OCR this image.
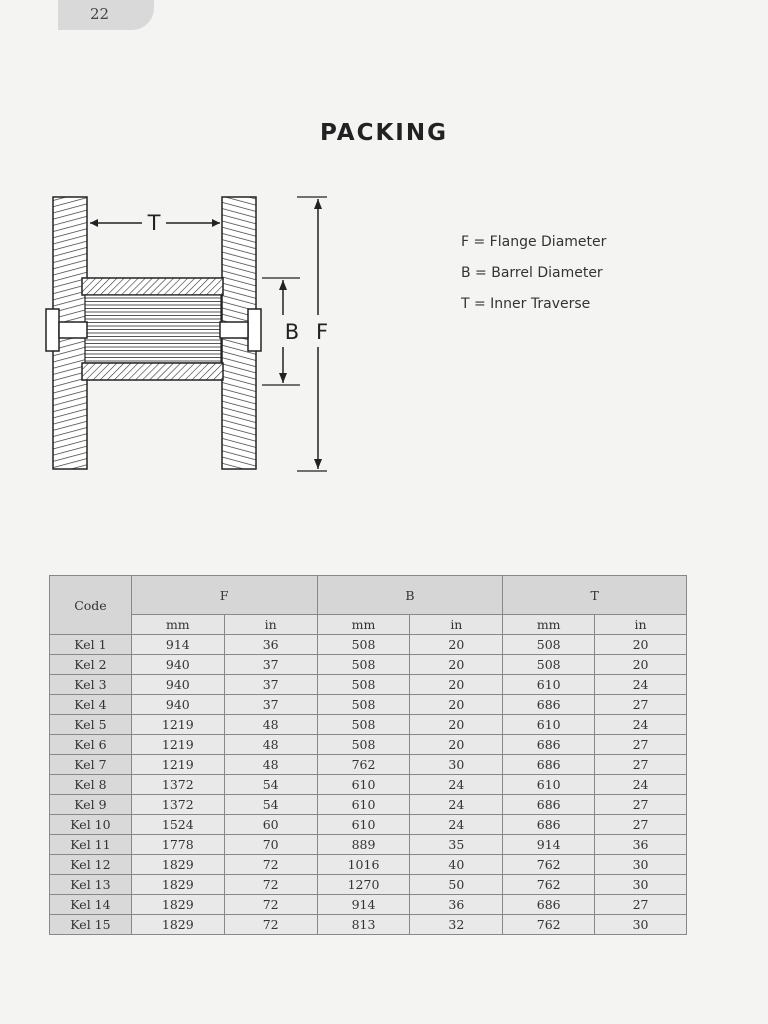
22
PACKING
T
B F
F = Flange Diameter
B = Barrel Diameter
T = Inner Traverse
Code	F		B		T	
	mm	in	mm	in	mm	in
Kel 1	914	36	508	20	508	20
Kel 2	940	37	508	20	508	20
Kel 3	940	37	508	20	610	24
Kel 4	940	37	508	20	686	27
Kel 5	1219	48	508	20	610	24
Kel 6	1219	48	508	20	686	27
Kel 7	1219	48	762	30	686	27
Kel 8	1372	54	610	24	610	24
Kel 9	1372	54	610	24	686	27
Kel 10	1524	60	610	24	686	27
Kel 11	1778	70	889	35	914	36
Kel 12	1829	72	1016	40	762	30
Kel 13	1829	72	1270	50	762	30
Kel 14	1829	72	914	36	686	27
Kel 15	1829	72	813	32	762	30
